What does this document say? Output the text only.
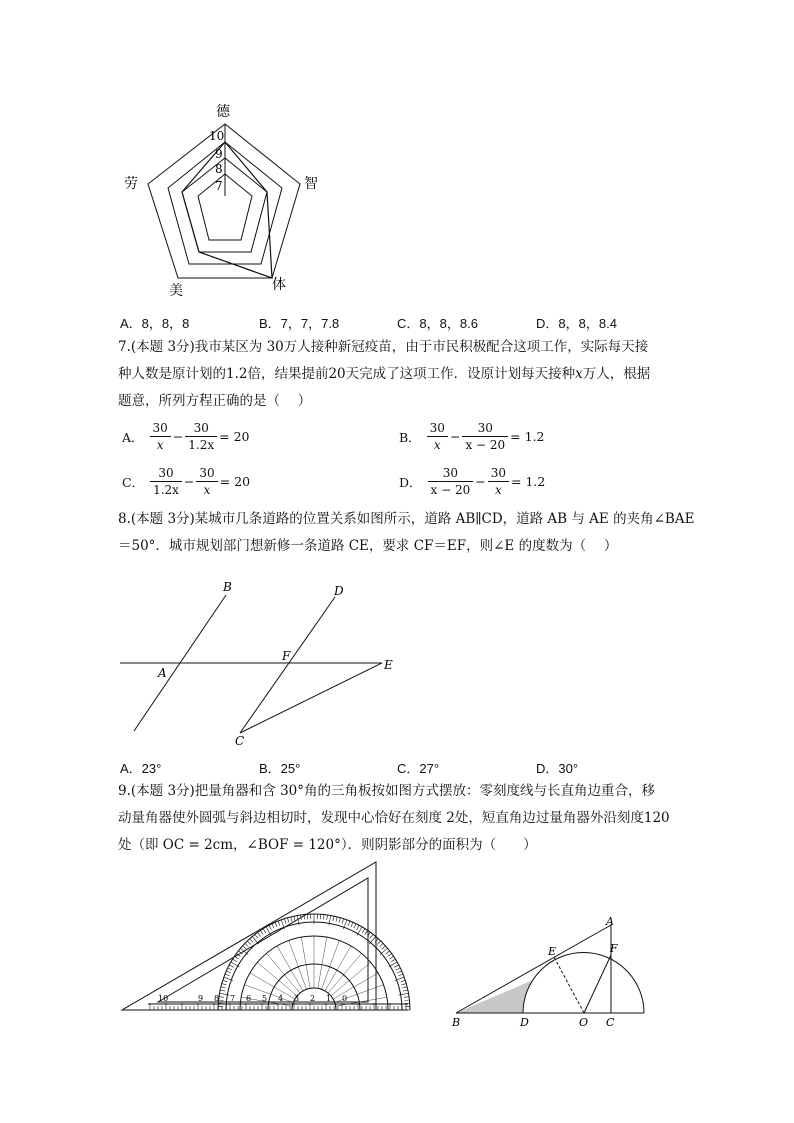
德
智
体
美
劳
10
9
8
7
A．8，8，8	B．7，7，7.8	C．8，8，8.6	D．8，8，8.4
7.(本题 3分)我市某区为 30万人接种新冠疫苗，由于市民积极配合这项工作，实际每天接
种人数是原计划的1.2倍，结果提前20天完成了这项工作．设原计划每天接种x万人，根据
题意，所列方程正确的是（　 ）
A． $\frac{30}{x} - \frac{30}{1.2x} = 20$	B． $\frac{30}{x} - \frac{30}{x - 20} = 1.2$
C． $\frac{30}{1.2x} - \frac{30}{x} = 20$	D． $\frac{30}{x - 20} - \frac{30}{x} = 1.2$
8.(本题 3分)某城市几条道路的位置关系如图所示，道路 AB∥CD，道路 AB 与 AE 的夹角∠BAE
＝50°．城市规划部门想新修一条道路 CE，要求 CF＝EF，则∠E 的度数为（　 ）
B	D
A
F
E
C
A．23°	B．25°	C．27°	D．30°
9.(本题 3分)把量角器和含 30°角的三角板按如图方式摆放：零刻度线与长直角边重合，移
动量角器使外圆弧与斜边相切时，发现中心恰好在刻度 2处，短直角边过量角器外沿刻度120
处（即 OC = 2cm，∠BOF = 120°）．则阴影部分的面积为（　　）
10	9 8 7 6 5 4 3 2 1 0
A
E	F
B	D	O C
